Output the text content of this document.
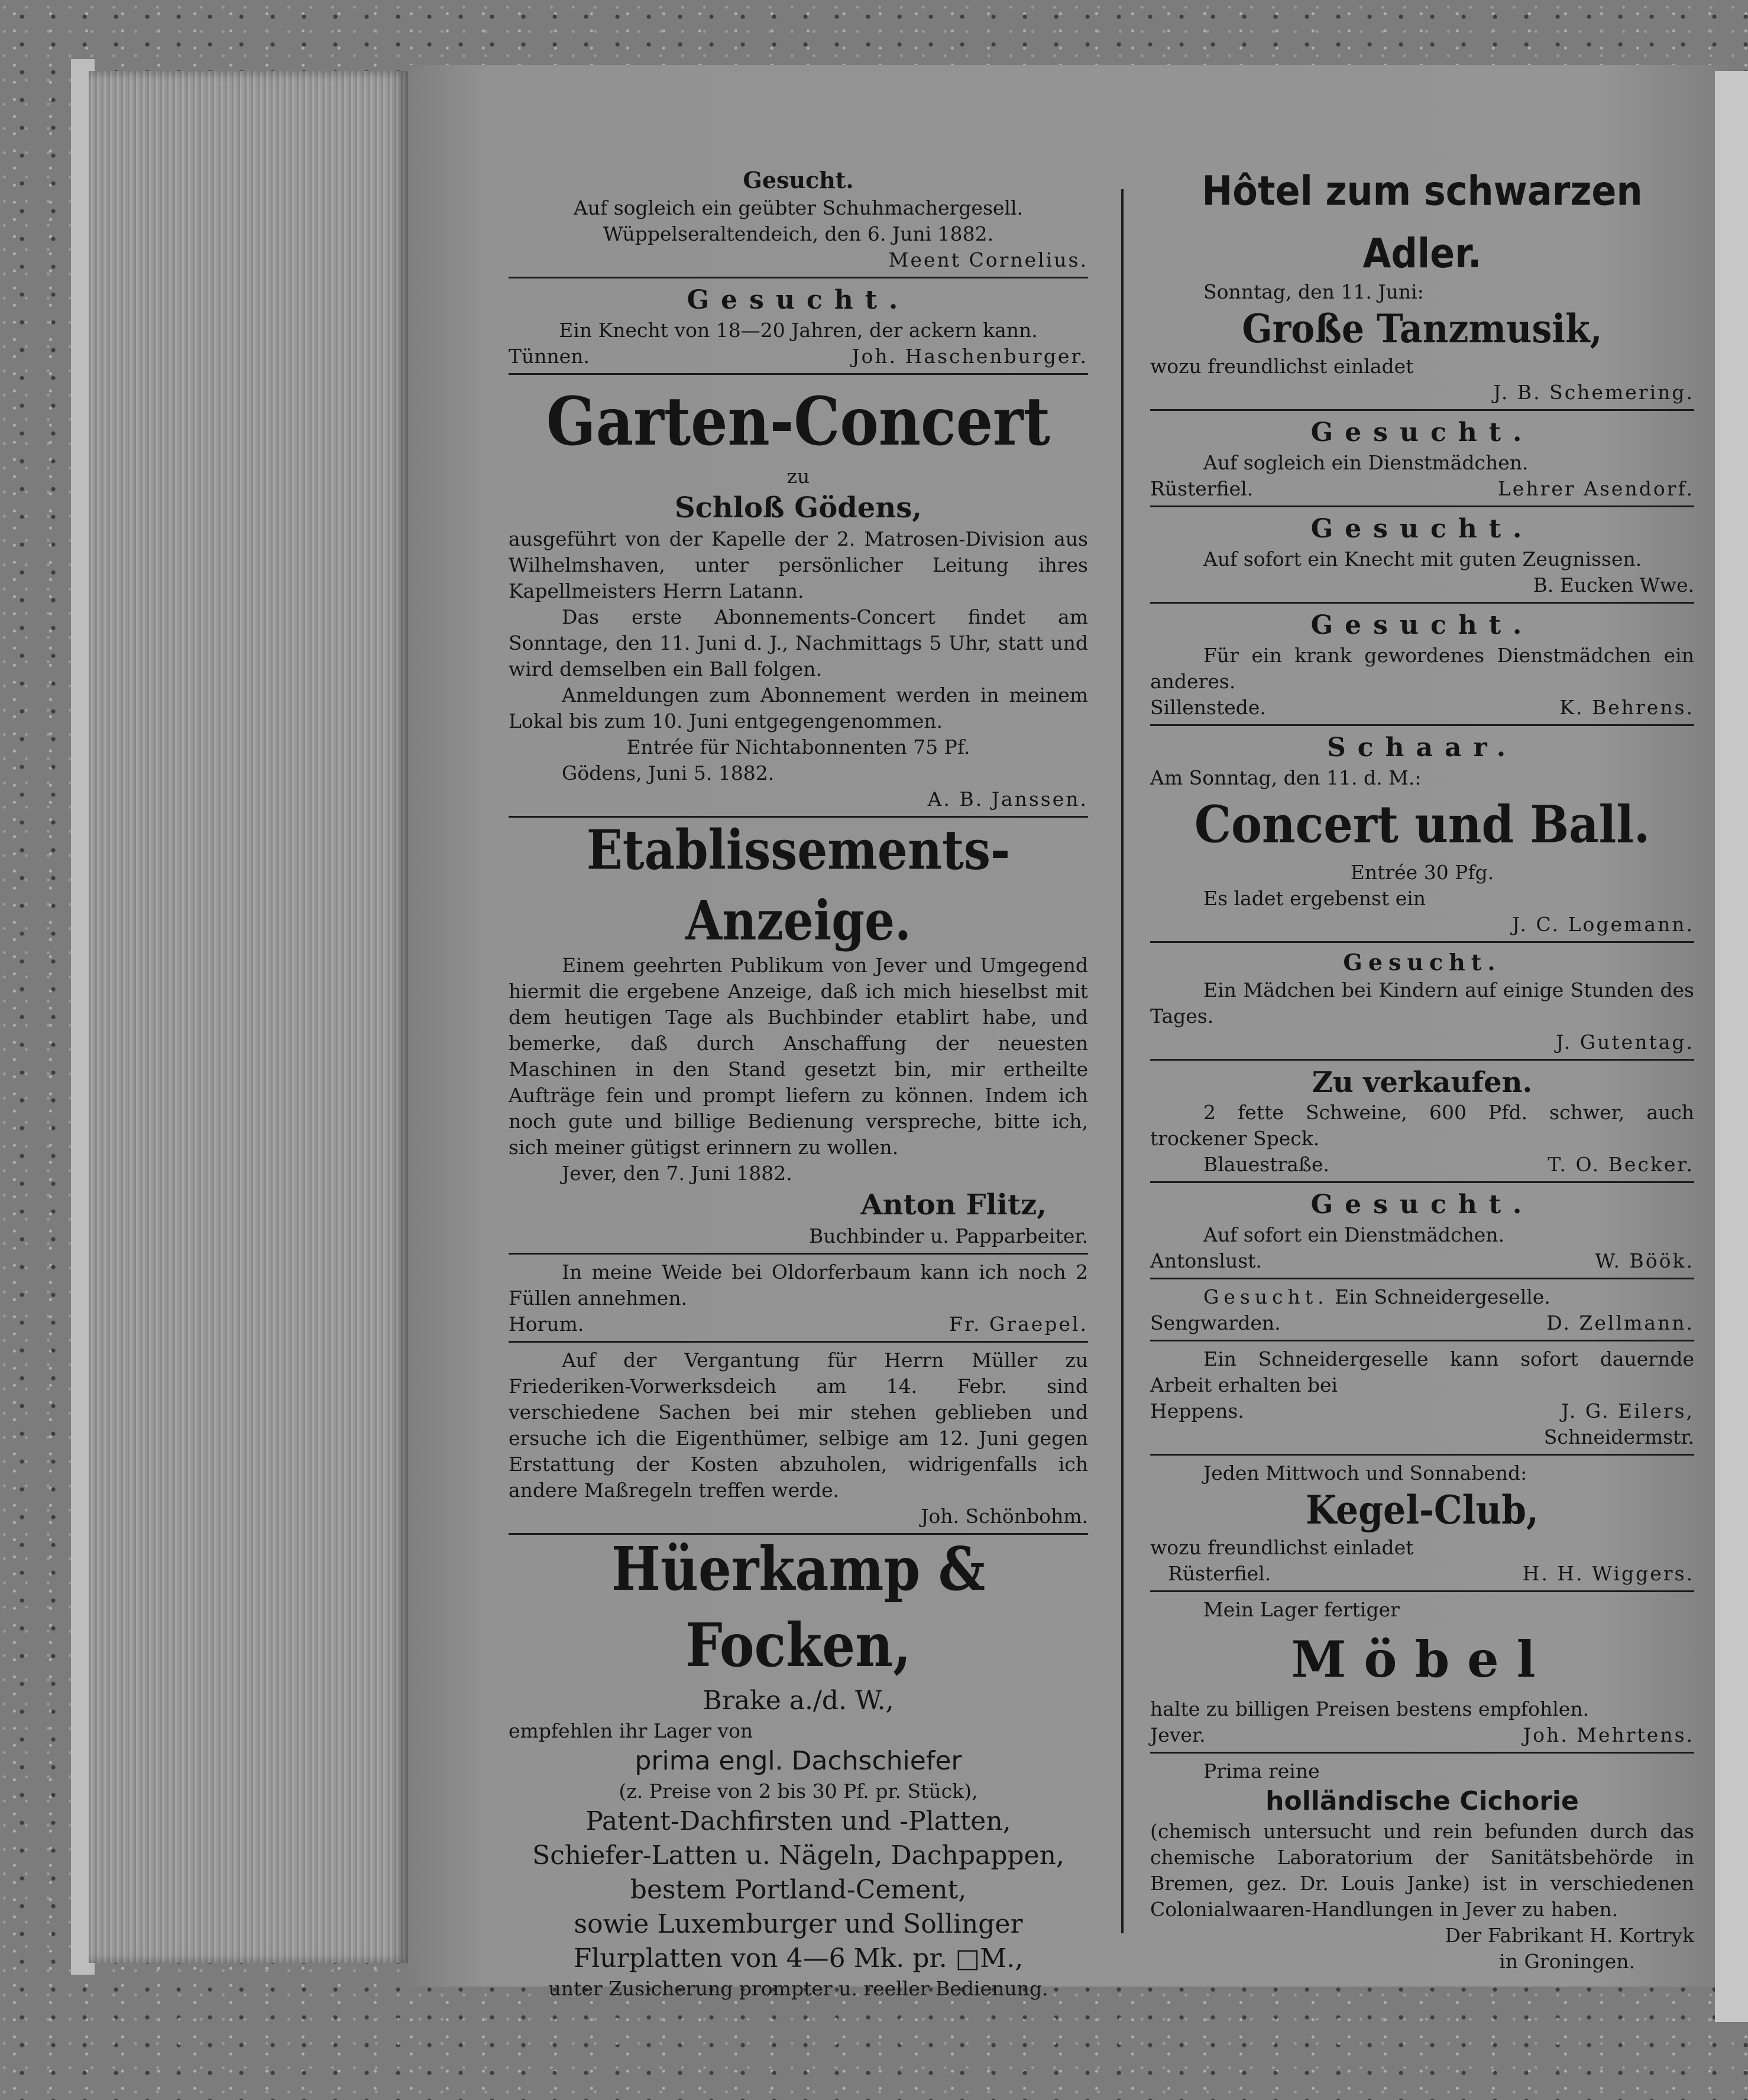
Gesucht.
Auf sogleich ein geübter Schuhmachergesell.
Wüppelseraltendeich, den 6. Juni 1882.
Meent Cornelius.
Gesucht.
Ein Knecht von 18—20 Jahren, der ackern kann.
Tünnen.	Joh. Haschenburger.
Garten-Concert
zu
Schloß Gödens,
ausgeführt von der Kapelle der 2. Matrosen-Division aus Wilhelmshaven, unter persönlicher Leitung ihres Kapellmeisters Herrn Latann.
Das erste Abonnements-Concert findet am Sonntage, den 11. Juni d. J., Nachmittags 5 Uhr, statt und wird demselben ein Ball folgen.
Anmeldungen zum Abonnement werden in meinem Lokal bis zum 10. Juni entgegengenommen.
Entrée für Nichtabonnenten 75 Pf.
Gödens, Juni 5. 1882.
A. B. Janssen.
Etablissements-Anzeige.
Einem geehrten Publikum von Jever und Umgegend hiermit die ergebene Anzeige, daß ich mich hieselbst mit dem heutigen Tage als Buchbinder etablirt habe, und bemerke, daß durch Anschaffung der neuesten Maschinen in den Stand gesetzt bin, mir ertheilte Aufträge fein und prompt liefern zu können. Indem ich noch gute und billige Bedienung verspreche, bitte ich, sich meiner gütigst erinnern zu wollen.
Jever, den 7. Juni 1882.
Anton Flitz,
Buchbinder u. Papparbeiter.
In meine Weide bei Oldorferbaum kann ich noch 2 Füllen annehmen.
Horum.	Fr. Graepel.
Auf der Vergantung für Herrn Müller zu Friederiken-Vorwerksdeich am 14. Febr. sind verschiedene Sachen bei mir stehen geblieben und ersuche ich die Eigenthümer, selbige am 12. Juni gegen Erstattung der Kosten abzuholen, widrigenfalls ich andere Maßregeln treffen werde.
Joh. Schönbohm.
Hüerkamp & Focken,
Brake a./d. W.,
empfehlen ihr Lager von
prima engl. Dachschiefer
(z. Preise von 2 bis 30 Pf. pr. Stück),
Patent-Dachfirsten und -Platten,
Schiefer-Latten u. Nägeln, Dachpappen,
bestem Portland-Cement,
sowie Luxemburger und Sollinger
Flurplatten von 4—6 Mk. pr. □M.,
unter Zusicherung prompter u. reeller Bedienung.
Hôtel zum schwarzen Adler.
Sonntag, den 11. Juni:
Große Tanzmusik,
wozu freundlichst einladet
J. B. Schemering.
Gesucht.
Auf sogleich ein Dienstmädchen.
Rüsterfiel.	Lehrer Asendorf.
Gesucht.
Auf sofort ein Knecht mit guten Zeugnissen.
B. Eucken Wwe.
Gesucht.
Für ein krank gewordenes Dienstmädchen ein anderes.
Sillenstede.	K. Behrens.
Schaar.
Am Sonntag, den 11. d. M.:
Concert und Ball.
Entrée 30 Pfg.
Es ladet ergebenst ein
J. C. Logemann.
Gesucht.
Ein Mädchen bei Kindern auf einige Stunden des Tages.
J. Gutentag.
Zu verkaufen.
2 fette Schweine, 600 Pfd. schwer, auch trockener Speck.
Blauestraße.	T. O. Becker.
Gesucht.
Auf sofort ein Dienstmädchen.
Antonslust.	W. Böök.
Gesucht. Ein Schneidergeselle.
Sengwarden.	D. Zellmann.
Ein Schneidergeselle kann sofort dauernde Arbeit erhalten bei
Heppens.	J. G. Eilers,
Schneidermstr.
Jeden Mittwoch und Sonnabend:
Kegel-Club,
wozu freundlichst einladet
Rüsterfiel.	H. H. Wiggers.
Mein Lager fertiger
Möbel
halte zu billigen Preisen bestens empfohlen.
Jever.	Joh. Mehrtens.
Prima reine
holländische Cichorie
(chemisch untersucht und rein befunden durch das chemische Laboratorium der Sanitätsbehörde in Bremen, gez. Dr. Louis Janke) ist in verschiedenen Colonialwaaren-Handlungen in Jever zu haben.
Der Fabrikant H. Kortryk
in Groningen.
